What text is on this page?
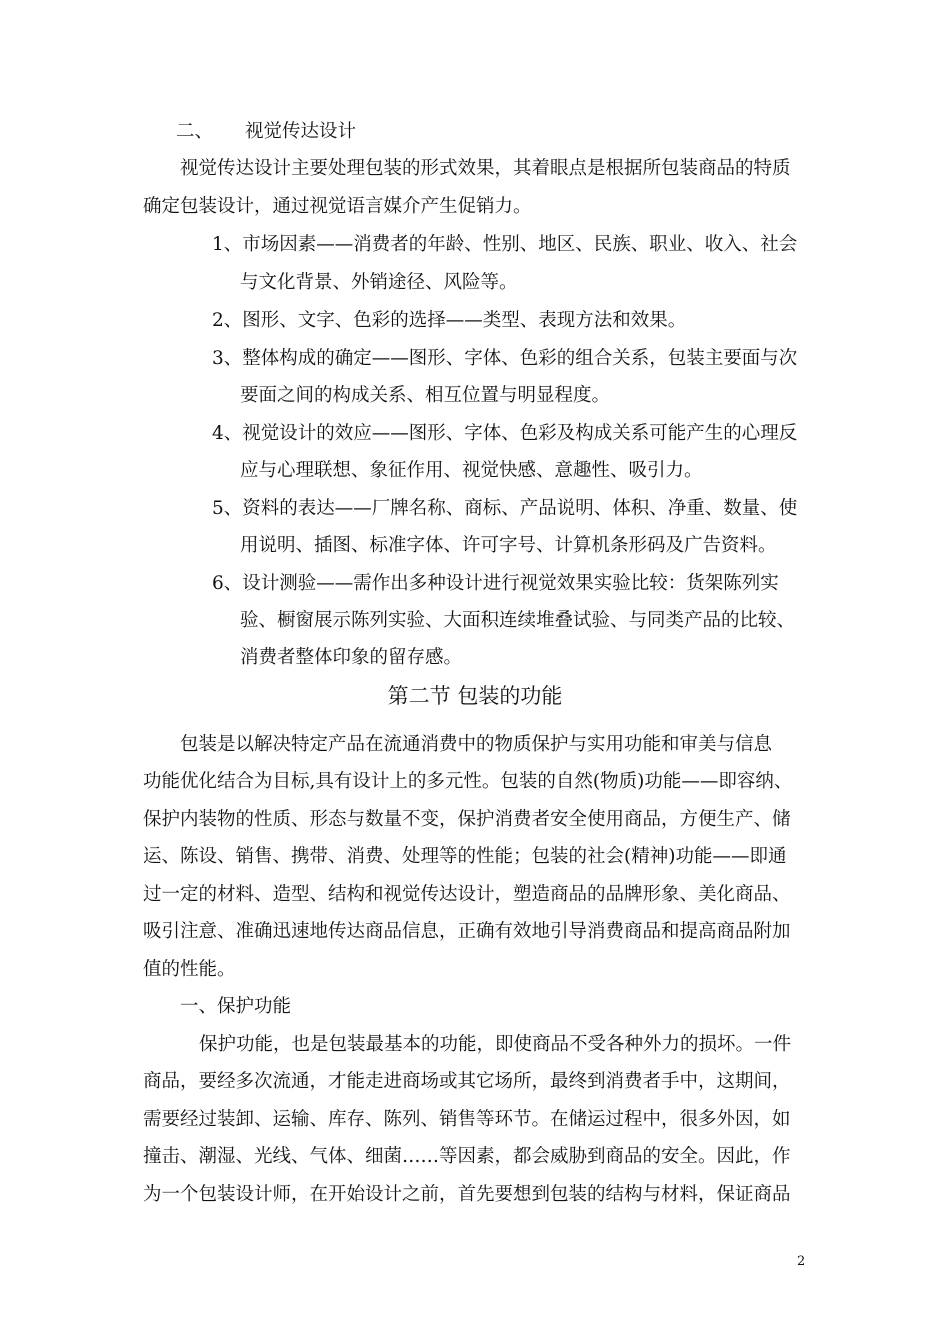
二、 视觉传达设计
视觉传达设计主要处理包装的形式效果，其着眼点是根据所包装商品的特质
确定包装设计，通过视觉语言媒介产生促销力。
1、市场因素——消费者的年龄、性别、地区、民族、职业、收入、社会
与文化背景、外销途径、风险等。
2、图形、文字、色彩的选择——类型、表现方法和效果。
3、整体构成的确定——图形、字体、色彩的组合关系，包装主要面与次
要面之间的构成关系、相互位置与明显程度。
4、视觉设计的效应——图形、字体、色彩及构成关系可能产生的心理反
应与心理联想、象征作用、视觉快感、意趣性、吸引力。
5、资料的表达——厂牌名称、商标、产品说明、体积、净重、数量、使
用说明、插图、标准字体、许可字号、计算机条形码及广告资料。
6、设计测验——需作出多种设计进行视觉效果实验比较：货架陈列实
验、橱窗展示陈列实验、大面积连续堆叠试验、与同类产品的比较、
消费者整体印象的留存感。
第二节 包装的功能
包装是以解决特定产品在流通消费中的物质保护与实用功能和审美与信息
功能优化结合为目标,具有设计上的多元性。包装的自然(物质)功能——即容纳、
保护内装物的性质、形态与数量不变，保护消费者安全使用商品，方便生产、储
运、陈设、销售、携带、消费、处理等的性能；包装的社会(精神)功能——即通
过一定的材料、造型、结构和视觉传达设计，塑造商品的品牌形象、美化商品、
吸引注意、准确迅速地传达商品信息，正确有效地引导消费商品和提高商品附加
值的性能。
一、保护功能
保护功能，也是包装最基本的功能，即使商品不受各种外力的损坏。一件
商品，要经多次流通，才能走进商场或其它场所，最终到消费者手中，这期间，
需要经过装卸、运输、库存、陈列、销售等环节。在储运过程中，很多外因，如
撞击、潮湿、光线、气体、细菌……等因素，都会威胁到商品的安全。因此，作
为一个包装设计师，在开始设计之前，首先要想到包装的结构与材料，保证商品
2
